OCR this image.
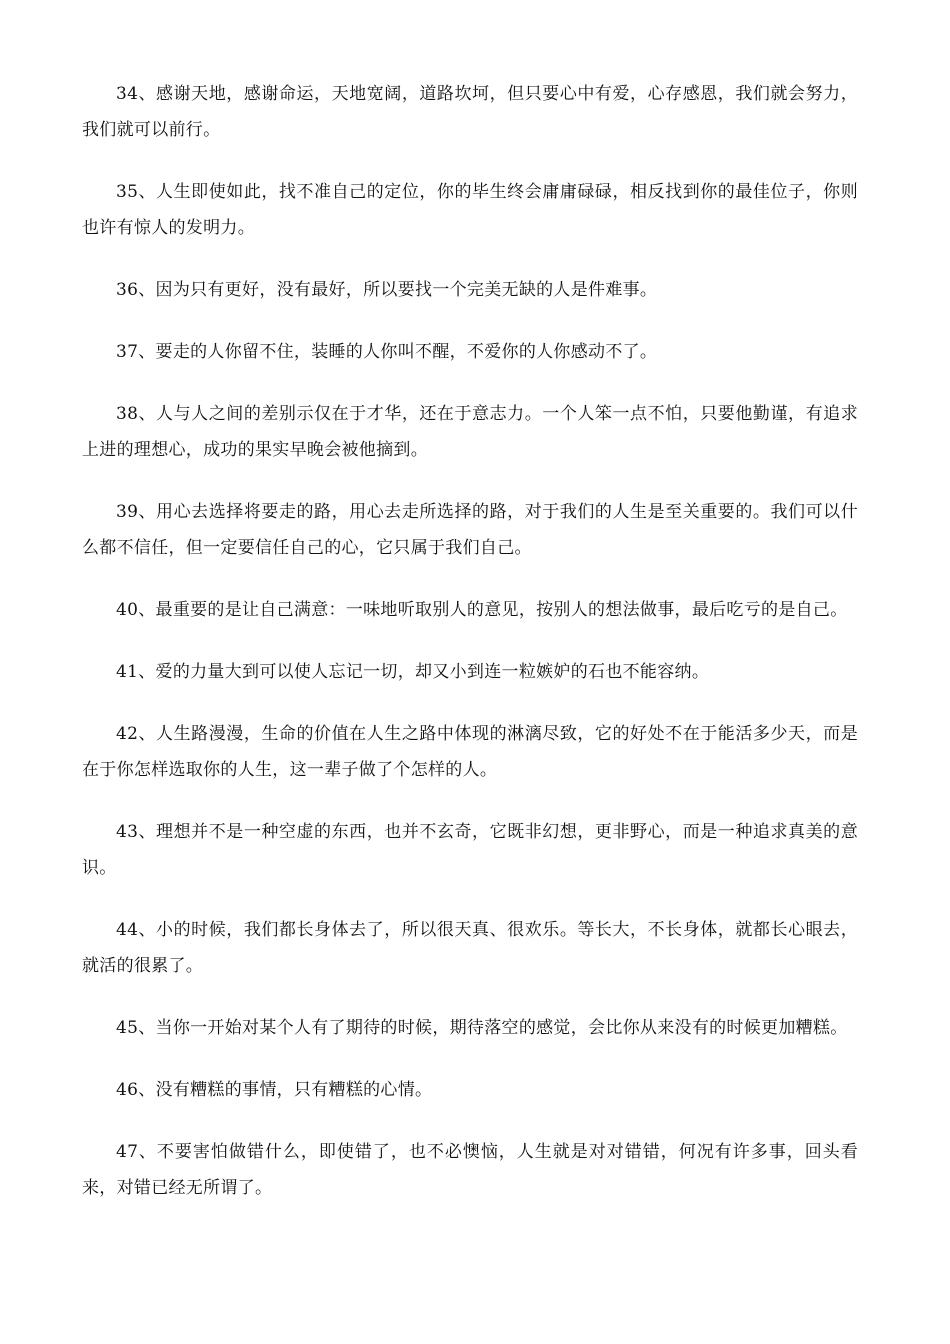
34、感谢天地，感谢命运，天地宽阔，道路坎坷，但只要心中有爱，心存感恩，我们就会努力，我们就可以前行。

35、人生即使如此，找不准自己的定位，你的毕生终会庸庸碌碌，相反找到你的最佳位子，你则也许有惊人的发明力。

36、因为只有更好，没有最好，所以要找一个完美无缺的人是件难事。

37、要走的人你留不住，装睡的人你叫不醒，不爱你的人你感动不了。

38、人与人之间的差别示仅在于才华，还在于意志力。一个人笨一点不怕，只要他勤谨，有追求上进的理想心，成功的果实早晚会被他摘到。

39、用心去选择将要走的路，用心去走所选择的路，对于我们的人生是至关重要的。我们可以什么都不信任，但一定要信任自己的心，它只属于我们自己。

40、最重要的是让自己满意：一味地听取别人的意见，按别人的想法做事，最后吃亏的是自己。

41、爱的力量大到可以使人忘记一切，却又小到连一粒嫉妒的石也不能容纳。

42、人生路漫漫，生命的价值在人生之路中体现的淋漓尽致，它的好处不在于能活多少天，而是在于你怎样选取你的人生，这一辈子做了个怎样的人。

43、理想并不是一种空虚的东西，也并不玄奇，它既非幻想，更非野心，而是一种追求真美的意识。

44、小的时候，我们都长身体去了，所以很天真、很欢乐。等长大，不长身体，就都长心眼去，就活的很累了。

45、当你一开始对某个人有了期待的时候，期待落空的感觉，会比你从来没有的时候更加糟糕。

46、没有糟糕的事情，只有糟糕的心情。

47、不要害怕做错什么，即使错了，也不必懊恼，人生就是对对错错，何况有许多事，回头看来，对错已经无所谓了。
